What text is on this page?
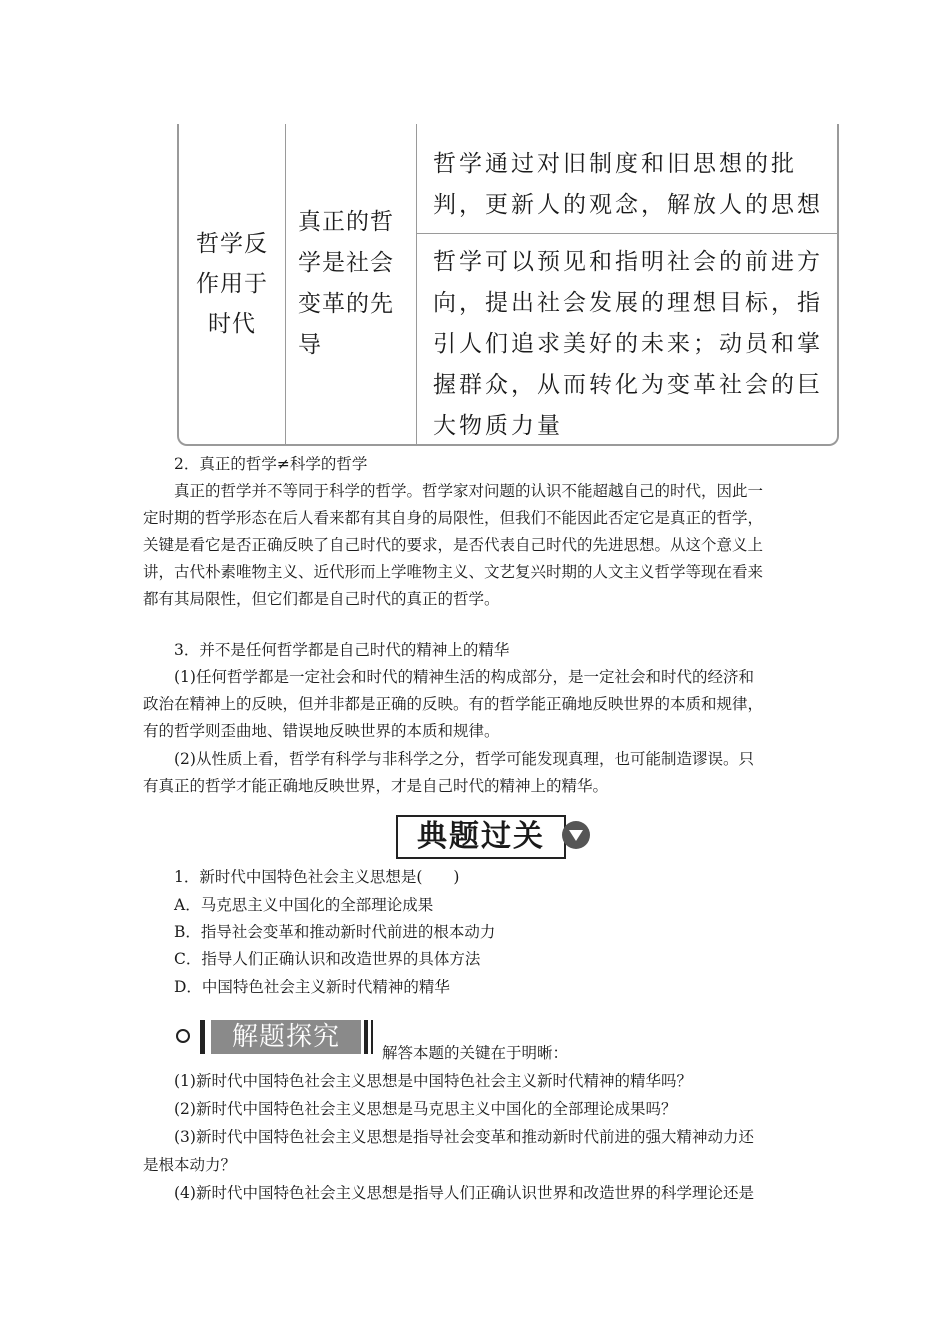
哲学反作用于时代
真正的哲学是社会变革的先导
哲学通过对旧制度和旧思想的批判，更新人的观念，解放人的思想
哲学可以预见和指明社会的前进方向，提出社会发展的理想目标，指引人们追求美好的未来；动员和掌握群众，从而转化为变革社会的巨大物质力量
2．真正的哲学≠科学的哲学
真正的哲学并不等同于科学的哲学。哲学家对问题的认识不能超越自己的时代，因此一
定时期的哲学形态在后人看来都有其自身的局限性，但我们不能因此否定它是真正的哲学，
关键是看它是否正确反映了自己时代的要求，是否代表自己时代的先进思想。从这个意义上
讲，古代朴素唯物主义、近代形而上学唯物主义、文艺复兴时期的人文主义哲学等现在看来
都有其局限性，但它们都是自己时代的真正的哲学。
3．并不是任何哲学都是自己时代的精神上的精华
(1)任何哲学都是一定社会和时代的精神生活的构成部分，是一定社会和时代的经济和
政治在精神上的反映，但并非都是正确的反映。有的哲学能正确地反映世界的本质和规律，
有的哲学则歪曲地、错误地反映世界的本质和规律。
(2)从性质上看，哲学有科学与非科学之分，哲学可能发现真理，也可能制造谬误。只
有真正的哲学才能正确地反映世界，才是自己时代的精神上的精华。
典题过关
1．新时代中国特色社会主义思想是(　　)
A．马克思主义中国化的全部理论成果
B．指导社会变革和推动新时代前进的根本动力
C．指导人们正确认识和改造世界的具体方法
D．中国特色社会主义新时代精神的精华
解题探究
解答本题的关键在于明晰：
(1)新时代中国特色社会主义思想是中国特色社会主义新时代精神的精华吗？
(2)新时代中国特色社会主义思想是马克思主义中国化的全部理论成果吗？
(3)新时代中国特色社会主义思想是指导社会变革和推动新时代前进的强大精神动力还
是根本动力？
(4)新时代中国特色社会主义思想是指导人们正确认识世界和改造世界的科学理论还是
